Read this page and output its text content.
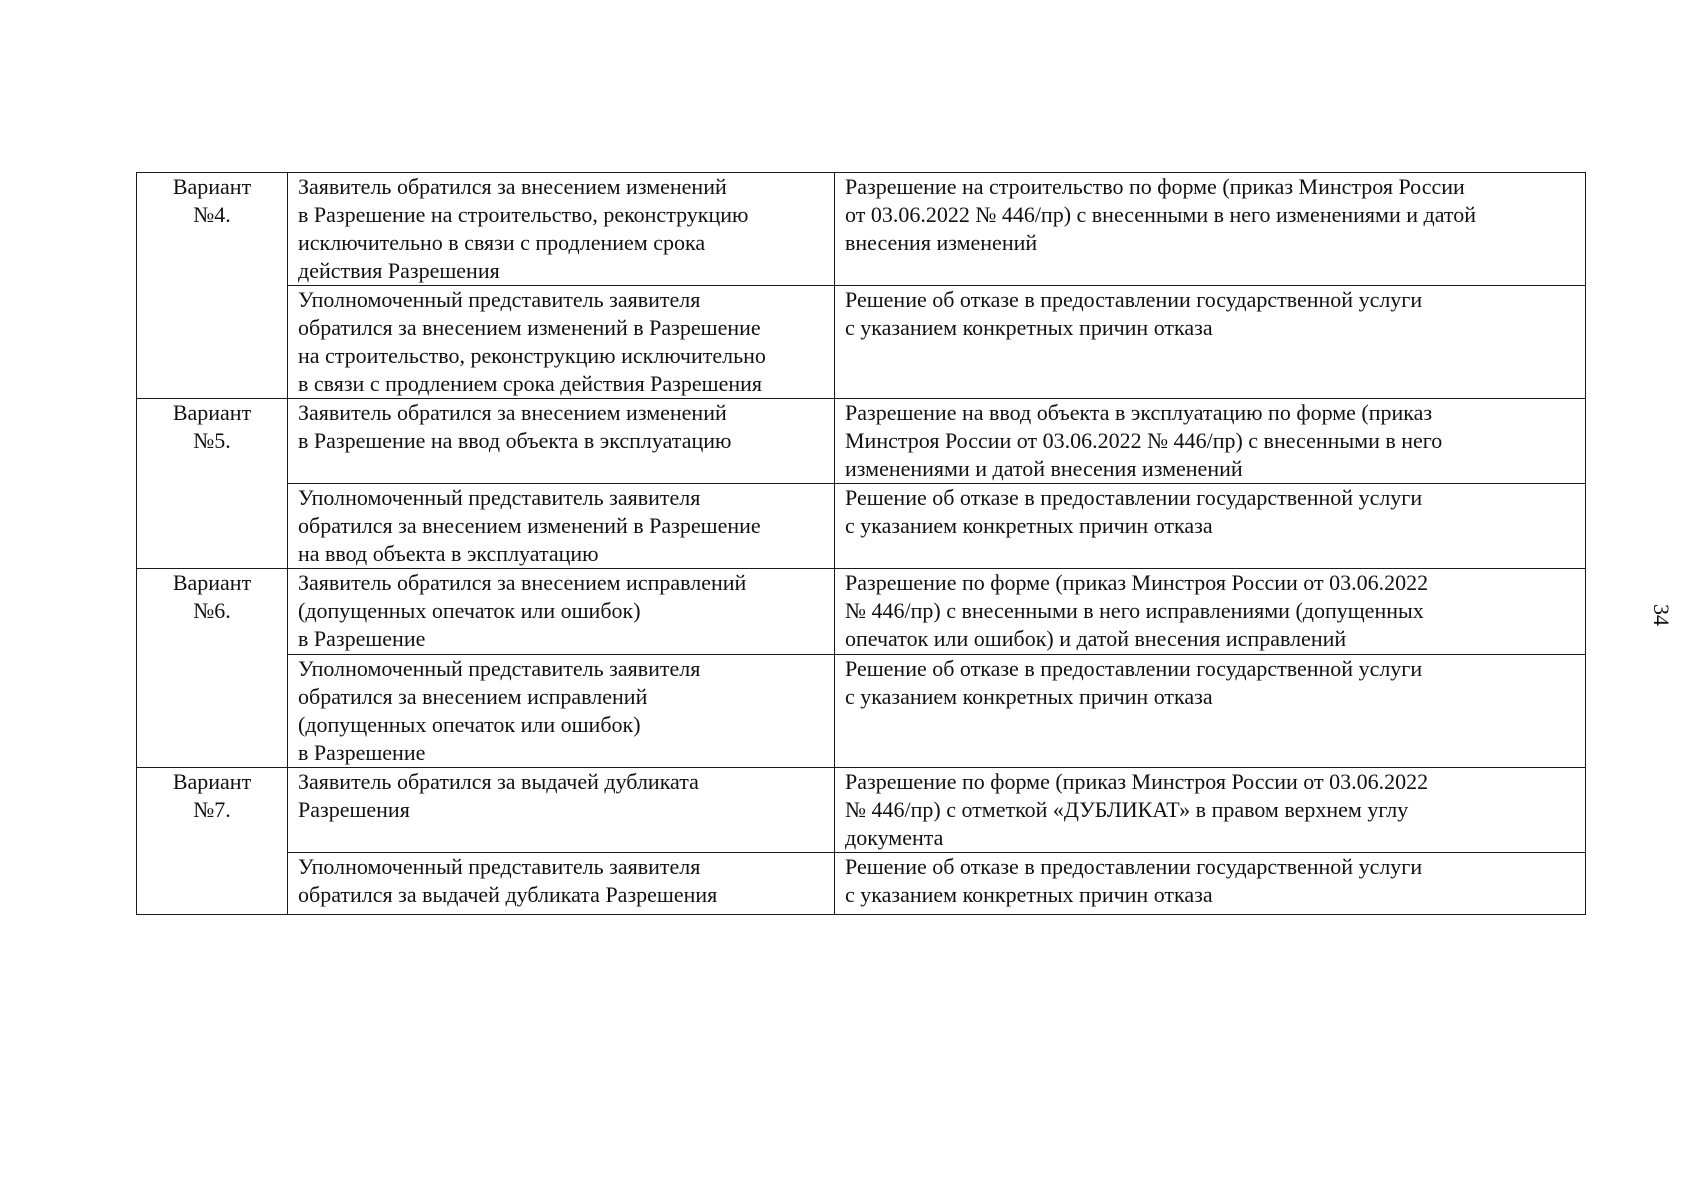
Вариант
№4.	Заявитель обратился за внесением изменений
в Разрешение на строительство, реконструкцию
исключительно в связи с продлением срока
действия Разрешения	Разрешение на строительство по форме (приказ Минстроя России
от 03.06.2022 № 446/пр) с внесенными в него изменениями и датой
внесения изменений

	Уполномоченный представитель заявителя
обратился за внесением изменений в Разрешение
на строительство, реконструкцию исключительно
в связи с продлением срока действия Разрешения	Решение об отказе в предоставлении государственной услуги
с указанием конкретных причин отказа

Вариант
№5.	Заявитель обратился за внесением изменений
в Разрешение на ввод объекта в эксплуатацию	Разрешение на ввод объекта в эксплуатацию по форме (приказ
Минстроя России от 03.06.2022 № 446/пр) с внесенными в него
изменениями и датой внесения изменений

	Уполномоченный представитель заявителя
обратился за внесением изменений в Разрешение
на ввод объекта в эксплуатацию	Решение об отказе в предоставлении государственной услуги
с указанием конкретных причин отказа

Вариант
№6.	Заявитель обратился за внесением исправлений
(допущенных опечаток или ошибок)
в Разрешение	Разрешение по форме (приказ Минстроя России от 03.06.2022
№ 446/пр) с внесенными в него исправлениями (допущенных
опечаток или ошибок) и датой внесения исправлений

	Уполномоченный представитель заявителя
обратился за внесением исправлений
(допущенных опечаток или ошибок)
в Разрешение	Решение об отказе в предоставлении государственной услуги
с указанием конкретных причин отказа

Вариант
№7.	Заявитель обратился за выдачей дубликата
Разрешения	Разрешение по форме (приказ Минстроя России от 03.06.2022
№ 446/пр) с отметкой «ДУБЛИКАТ» в правом верхнем углу
документа

	Уполномоченный представитель заявителя
обратился за выдачей дубликата Разрешения	Решение об отказе в предоставлении государственной услуги
с указанием конкретных причин отказа
34
